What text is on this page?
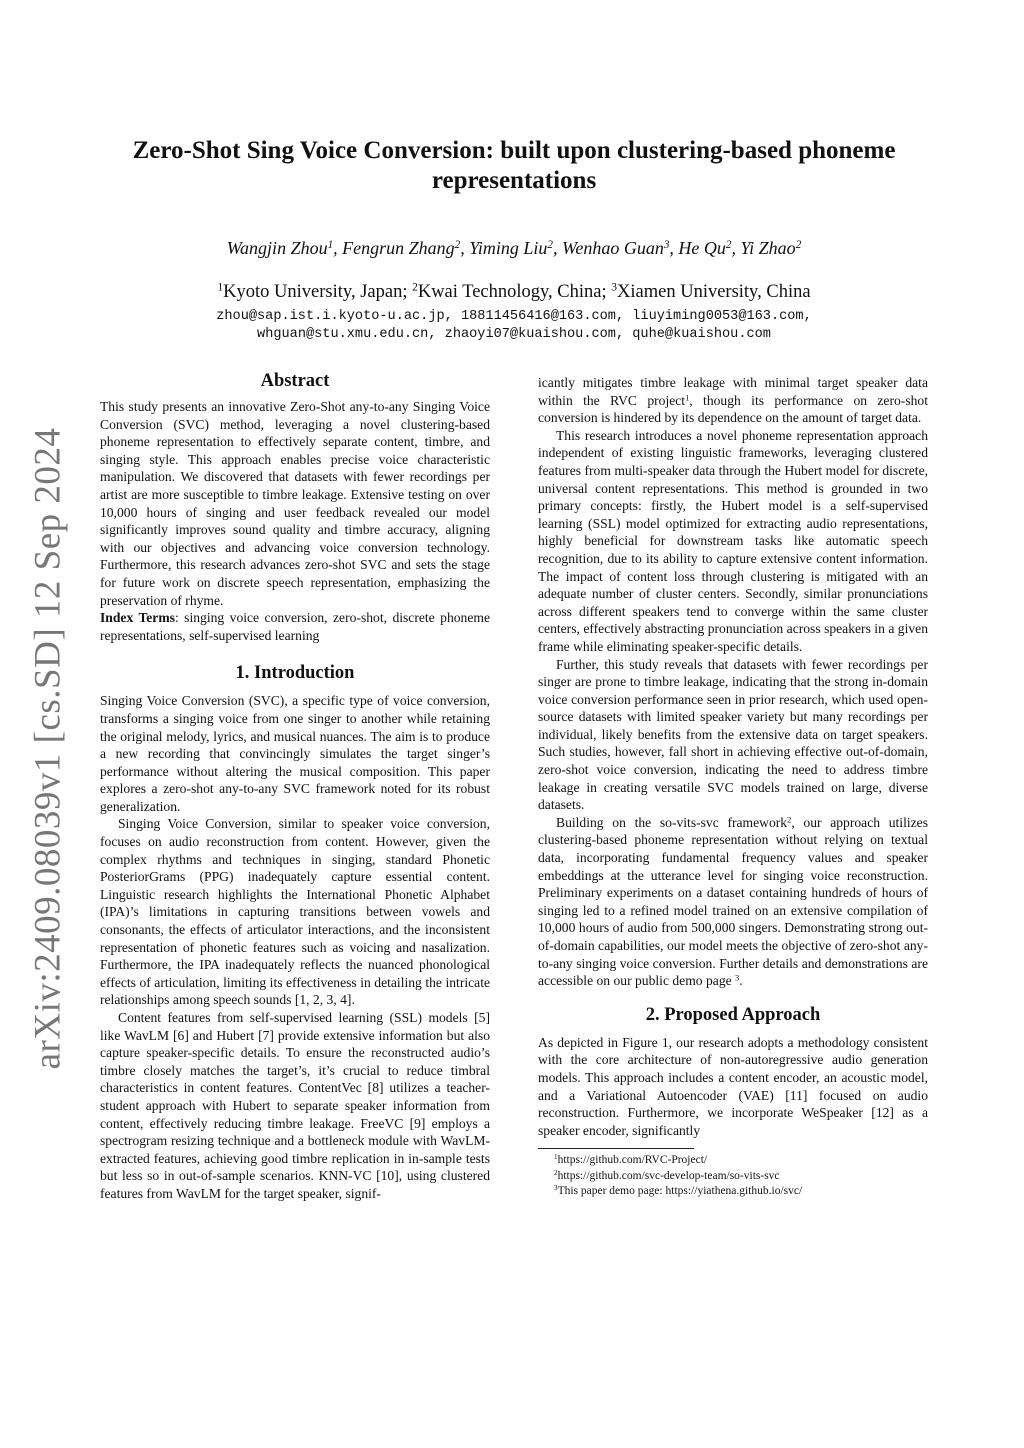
arXiv:2409.08039v1 [cs.SD] 12 Sep 2024
Zero-Shot Sing Voice Conversion: built upon clustering-based phoneme representations
Wangjin Zhou$^1$, Fengrun Zhang$^2$, Yiming Liu$^2$, Wenhao Guan$^3$, He Qu$^2$, Yi Zhao$^2$
$^1$Kyoto University, Japan; $^2$Kwai Technology, China; $^3$Xiamen University, China
zhou@sap.ist.i.kyoto-u.ac.jp, 18811456416@163.com, liuyiming0053@163.com,
whguan@stu.xmu.edu.cn, zhaoyi07@kuaishou.com, quhe@kuaishou.com
Abstract

This study presents an innovative Zero-Shot any-to-any Singing Voice Conversion (SVC) method, leveraging a novel clustering-based phoneme representation to effectively separate content, timbre, and singing style. This approach enables precise voice characteristic manipulation. We discovered that datasets with fewer recordings per artist are more susceptible to timbre leakage. Extensive testing on over 10,000 hours of singing and user feedback revealed our model significantly improves sound quality and timbre accuracy, aligning with our objectives and advancing voice conversion technology. Furthermore, this research advances zero-shot SVC and sets the stage for future work on discrete speech representation, emphasizing the preservation of rhyme.

Index Terms: singing voice conversion, zero-shot, discrete phoneme representations, self-supervised learning

1. Introduction

Singing Voice Conversion (SVC), a specific type of voice conversion, transforms a singing voice from one singer to another while retaining the original melody, lyrics, and musical nuances. The aim is to produce a new recording that convincingly simulates the target singer’s performance without altering the musical composition. This paper explores a zero-shot any-to-any SVC framework noted for its robust generalization.

Singing Voice Conversion, similar to speaker voice conversion, focuses on audio reconstruction from content. However, given the complex rhythms and techniques in singing, standard Phonetic PosteriorGrams (PPG) inadequately capture essential content. Linguistic research highlights the International Phonetic Alphabet (IPA)’s limitations in capturing transitions between vowels and consonants, the effects of articulator interactions, and the inconsistent representation of phonetic features such as voicing and nasalization. Furthermore, the IPA inadequately reflects the nuanced phonological effects of articulation, limiting its effectiveness in detailing the intricate relationships among speech sounds [1, 2, 3, 4].

Content features from self-supervised learning (SSL) models [5] like WavLM [6] and Hubert [7] provide extensive information but also capture speaker-specific details. To ensure the reconstructed audio’s timbre closely matches the target’s, it’s crucial to reduce timbral characteristics in content features. ContentVec [8] utilizes a teacher-student approach with Hubert to separate speaker information from content, effectively reducing timbre leakage. FreeVC [9] employs a spectrogram resizing technique and a bottleneck module with WavLM-extracted features, achieving good timbre replication in in-sample tests but less so in out-of-sample scenarios. KNN-VC [10], using clustered features from WavLM for the target speaker, signif-

icantly mitigates timbre leakage with minimal target speaker data within the RVC project$^1$, though its performance on zero-shot conversion is hindered by its dependence on the amount of target data.

This research introduces a novel phoneme representation approach independent of existing linguistic frameworks, leveraging clustered features from multi-speaker data through the Hubert model for discrete, universal content representations. This method is grounded in two primary concepts: firstly, the Hubert model is a self-supervised learning (SSL) model optimized for extracting audio representations, highly beneficial for downstream tasks like automatic speech recognition, due to its ability to capture extensive content information. The impact of content loss through clustering is mitigated with an adequate number of cluster centers. Secondly, similar pronunciations across different speakers tend to converge within the same cluster centers, effectively abstracting pronunciation across speakers in a given frame while eliminating speaker-specific details.

Further, this study reveals that datasets with fewer recordings per singer are prone to timbre leakage, indicating that the strong in-domain voice conversion performance seen in prior research, which used open-source datasets with limited speaker variety but many recordings per individual, likely benefits from the extensive data on target speakers. Such studies, however, fall short in achieving effective out-of-domain, zero-shot voice conversion, indicating the need to address timbre leakage in creating versatile SVC models trained on large, diverse datasets.

Building on the so-vits-svc framework$^2$, our approach utilizes clustering-based phoneme representation without relying on textual data, incorporating fundamental frequency values and speaker embeddings at the utterance level for singing voice reconstruction. Preliminary experiments on a dataset containing hundreds of hours of singing led to a refined model trained on an extensive compilation of 10,000 hours of audio from 500,000 singers. Demonstrating strong out-of-domain capabilities, our model meets the objective of zero-shot any-to-any singing voice conversion. Further details and demonstrations are accessible on our public demo page $^3$.

2. Proposed Approach

As depicted in Figure 1, our research adopts a methodology consistent with the core architecture of non-autoregressive audio generation models. This approach includes a content encoder, an acoustic model, and a Variational Autoencoder (VAE) [11] focused on audio reconstruction. Furthermore, we incorporate WeSpeaker [12] as a speaker encoder, significantly

$^1$https://github.com/RVC-Project/
$^2$https://github.com/svc-develop-team/so-vits-svc
$^3$This paper demo page: https://yiathena.github.io/svc/
